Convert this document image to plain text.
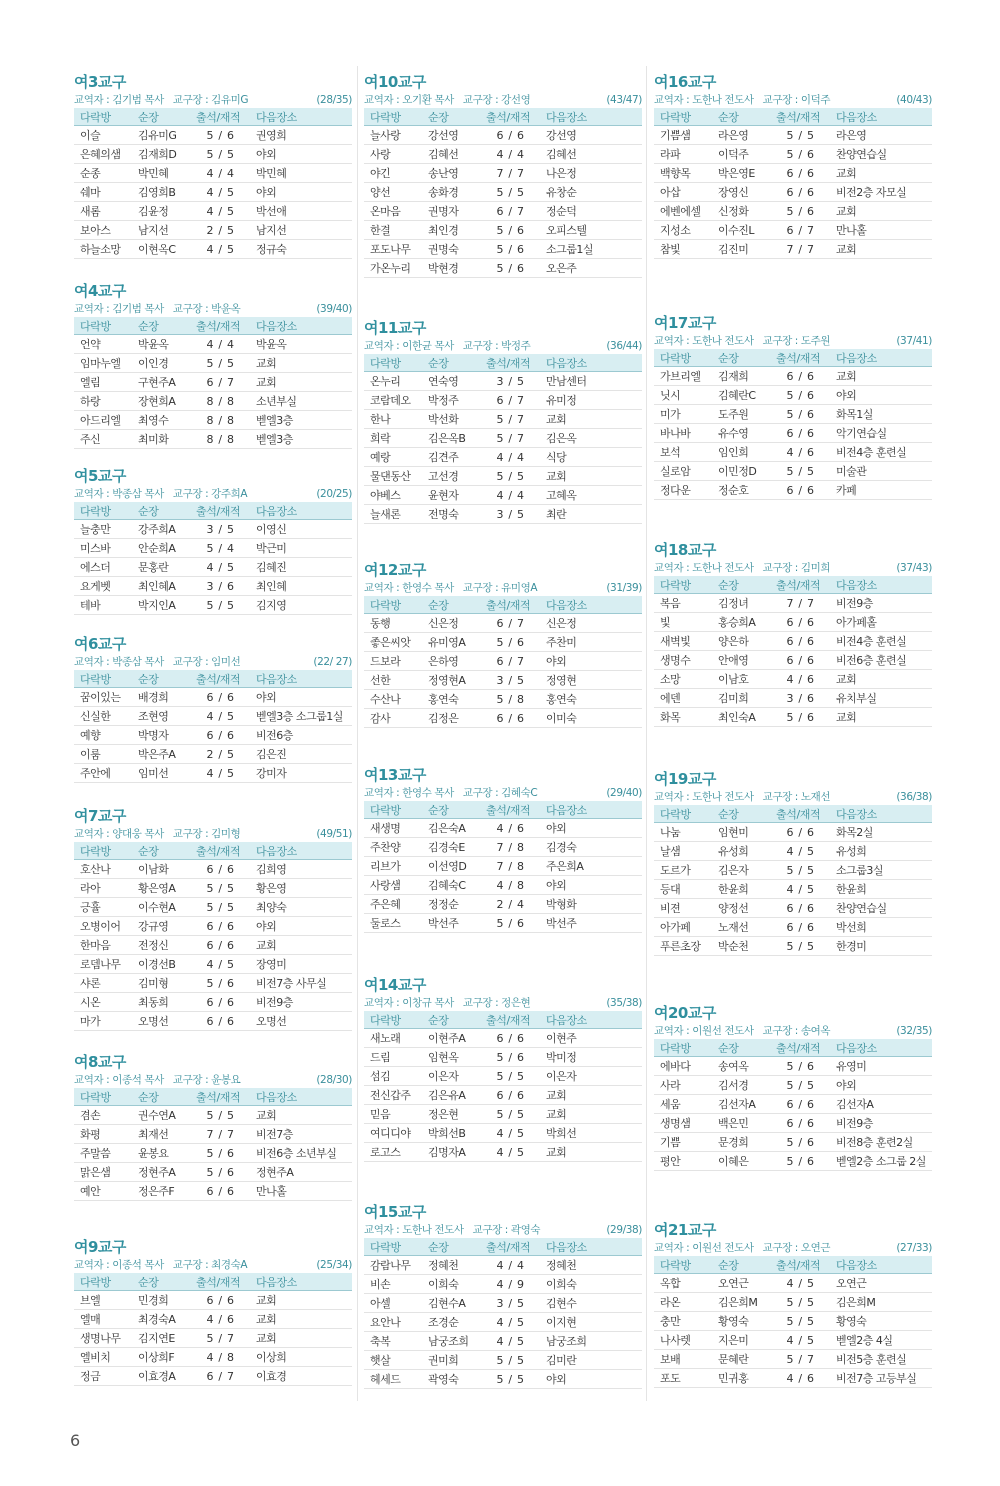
여3교구
교역자 : 김기범 목사 교구장 : 김유미G	(28/35)
다락방	순장	출석/재적	다음장소
이슬	김유미G	5 / 6	권영희
은혜의샘	김재희D	5 / 5	야외
순종	박민혜	4 / 4	박민혜
쉐마	김영희B	4 / 5	야외
새롬	김윤정	4 / 5	박선애
보아스	남지선	2 / 5	남지선
하늘소망	이현옥C	4 / 5	정규숙
여4교구
교역자 : 김기범 목사 교구장 : 박윤옥	(39/40)
다락방	순장	출석/재적	다음장소
언약	박윤옥	4 / 4	박윤옥
임마누엘	이인경	5 / 5	교회
엘림	구현주A	6 / 7	교회
하랑	장현희A	8 / 8	소년부실
아드리엘	최영수	8 / 8	벧엘3층
주신	최미화	8 / 8	벧엘3층
여5교구
교역자 : 박종삼 목사 교구장 : 강주희A	(20/25)
다락방	순장	출석/재적	다음장소
늘충만	강주희A	3 / 5	이영신
미스바	안순희A	5 / 4	박근미
에스더	문홍란	4 / 5	김혜진
요게벳	최인혜A	3 / 6	최인혜
테바	박지인A	5 / 5	김지영
여6교구
교역자 : 박종삼 목사 교구장 : 임미선	(22/ 27)
다락방	순장	출석/재적	다음장소
꿈이있는	배경희	6 / 6	야외
신실한	조현영	4 / 5	벧엘3층 소그룹1실
예향	박명자	6 / 6	비전6층
이룸	박은주A	2 / 5	김은진
주안에	임미선	4 / 5	강미자
여7교구
교역자 : 양대웅 목사 교구장 : 김미형	(49/51)
다락방	순장	출석/재적	다음장소
호산나	이남화	6 / 6	김희영
라아	황은영A	5 / 5	황은영
긍휼	이수현A	5 / 5	최양숙
오병이어	강규영	6 / 6	야외
한마음	전정신	6 / 6	교회
로뎀나무	이경선B	4 / 5	장영미
샤론	김미형	5 / 6	비전7층 사무실
시온	최동희	6 / 6	비전9층
마가	오명선	6 / 6	오명선
여8교구
교역자 : 이종석 목사 교구장 : 윤봉요	(28/30)
다락방	순장	출석/재적	다음장소
겸손	권수연A	5 / 5	교회
화평	최재선	7 / 7	비전7층
주말씀	윤봉요	5 / 6	비전6층 소년부실
맑은샘	정현주A	5 / 6	정현주A
예안	정은주F	6 / 6	만나홀
여9교구
교역자 : 이종석 목사 교구장 : 최경숙A	(25/34)
다락방	순장	출석/재적	다음장소
브엘	민경희	6 / 6	교회
엘매	최경숙A	4 / 6	교회
생명나무	김지연E	5 / 7	교회
엘비치	이상희F	4 / 8	이상희
정금	이효경A	6 / 7	이효경
여10교구
교역자 : 오기환 목사 교구장 : 강선영	(43/47)
다락방	순장	출석/재적	다음장소
늘사랑	강선영	6 / 6	강선영
사랑	김혜선	4 / 4	김혜선
야긴	송난영	7 / 7	나은정
양선	송화경	5 / 5	유창순
온마음	권명자	6 / 7	정순덕
한결	최인경	5 / 6	오피스텔
포도나무	권명숙	5 / 6	소그룹1실
가온누리	박현경	5 / 6	오은주
여11교구
교역자 : 이한균 목사 교구장 : 박정주	(36/44)
다락방	순장	출석/재적	다음장소
온누리	연숙영	3 / 5	만남센터
코람데오	박정주	6 / 7	유미정
한나	박선화	5 / 7	교회
희락	김은옥B	5 / 7	김은옥
예랑	김견주	4 / 4	식당
물댄동산	고선경	5 / 5	교회
야베스	윤현자	4 / 4	고혜옥
늘새론	전명숙	3 / 5	최란
여12교구
교역자 : 한영수 목사 교구장 : 유미영A	(31/39)
다락방	순장	출석/재적	다음장소
동행	신은정	6 / 7	신은정
좋은씨앗	유미영A	5 / 6	주찬미
드보라	은하영	6 / 7	야외
선한	정영현A	3 / 5	정영현
수산나	홍연숙	5 / 8	홍연숙
감사	김정은	6 / 6	이미숙
여13교구
교역자 : 한영수 목사 교구장 : 김혜숙C	(29/40)
다락방	순장	출석/재적	다음장소
새생명	김은숙A	4 / 6	야외
주찬양	김경숙E	7 / 8	김경숙
리브가	이선영D	7 / 8	주은희A
사랑샘	김혜숙C	4 / 8	야외
주은혜	정정순	2 / 4	박형화
둘로스	박선주	5 / 6	박선주
여14교구
교역자 : 이창규 목사 교구장 : 정은현	(35/38)
다락방	순장	출석/재적	다음장소
새노래	이현주A	6 / 6	이현주
드림	임현옥	5 / 6	박미정
섬김	이은자	5 / 5	이은자
전신갑주	김은유A	6 / 6	교회
믿음	정은현	5 / 5	교회
여디디야	박희선B	4 / 5	박희선
로고스	김명자A	4 / 5	교회
여15교구
교역자 : 도한나 전도사 교구장 : 곽영숙	(29/38)
다락방	순장	출석/재적	다음장소
감람나무	정혜천	4 / 4	정혜천
비손	이희숙	4 / 9	이희숙
아셀	김현수A	3 / 5	김현수
요안나	조경순	4 / 5	이지현
축복	남궁조희	4 / 5	남궁조희
햇살	권미희	5 / 5	김미란
헤세드	곽영숙	5 / 5	야외
여16교구
교역자 : 도한나 전도사 교구장 : 이덕주	(40/43)
다락방	순장	출석/재적	다음장소
기쁨샘	라은영	5 / 5	라은영
라파	이덕주	5 / 6	찬양연습실
백향목	박은영E	6 / 6	교회
아삽	장영신	6 / 6	비전2층 자모실
에벤에셀	신정화	5 / 6	교회
지성소	이수진L	6 / 7	만나홀
참빛	김진미	7 / 7	교회
여17교구
교역자 : 도한나 전도사 교구장 : 도주원	(37/41)
다락방	순장	출석/재적	다음장소
가브리엘	김재희	6 / 6	교회
닛시	김혜란C	5 / 6	야외
미가	도주원	5 / 6	화목1실
바나바	유수영	6 / 6	악기연습실
보석	임인희	4 / 6	비전4층 훈련실
실로암	이민정D	5 / 5	미술관
정다운	정순호	6 / 6	카페
여18교구
교역자 : 도한나 전도사 교구장 : 김미희	(37/43)
다락방	순장	출석/재적	다음장소
복음	김정녀	7 / 7	비전9층
빛	홍승희A	6 / 6	아가페홀
새벽빛	양은하	6 / 6	비전4층 훈련실
생명수	안애영	6 / 6	비전6층 훈련실
소망	이남호	4 / 6	교회
에덴	김미희	3 / 6	유치부실
화목	최인숙A	5 / 6	교회
여19교구
교역자 : 도한나 전도사 교구장 : 노재선	(36/38)
다락방	순장	출석/재적	다음장소
나눔	임현미	6 / 6	화목2실
날샘	유성희	4 / 5	유성희
도르가	김은자	5 / 5	소그룹3실
등대	한윤희	4 / 5	한윤희
비젼	양정선	6 / 6	찬양연습실
아가페	노재선	6 / 6	박선희
푸른초장	박순천	5 / 5	한경미
여20교구
교역자 : 이원선 전도사 교구장 : 송여옥	(32/35)
다락방	순장	출석/재적	다음장소
에바다	송여옥	5 / 6	유영미
사라	김서경	5 / 5	야외
세움	김선자A	6 / 6	김선자A
생명샘	백은민	6 / 6	비전9층
기쁨	문경희	5 / 6	비전8층 훈련2실
평안	이혜은	5 / 6	벧엘2층 소그룹 2실
여21교구
교역자 : 이원선 전도사 교구장 : 오연근	(27/33)
다락방	순장	출석/재적	다음장소
옥합	오연근	4 / 5	오연근
라온	김은희M	5 / 5	김은희M
충만	황영숙	5 / 5	황영숙
나사렛	지은미	4 / 5	벧엘2층 4실
보배	문혜란	5 / 7	비전5층 훈련실
포도	민귀홍	4 / 6	비전7층 고등부실
6
